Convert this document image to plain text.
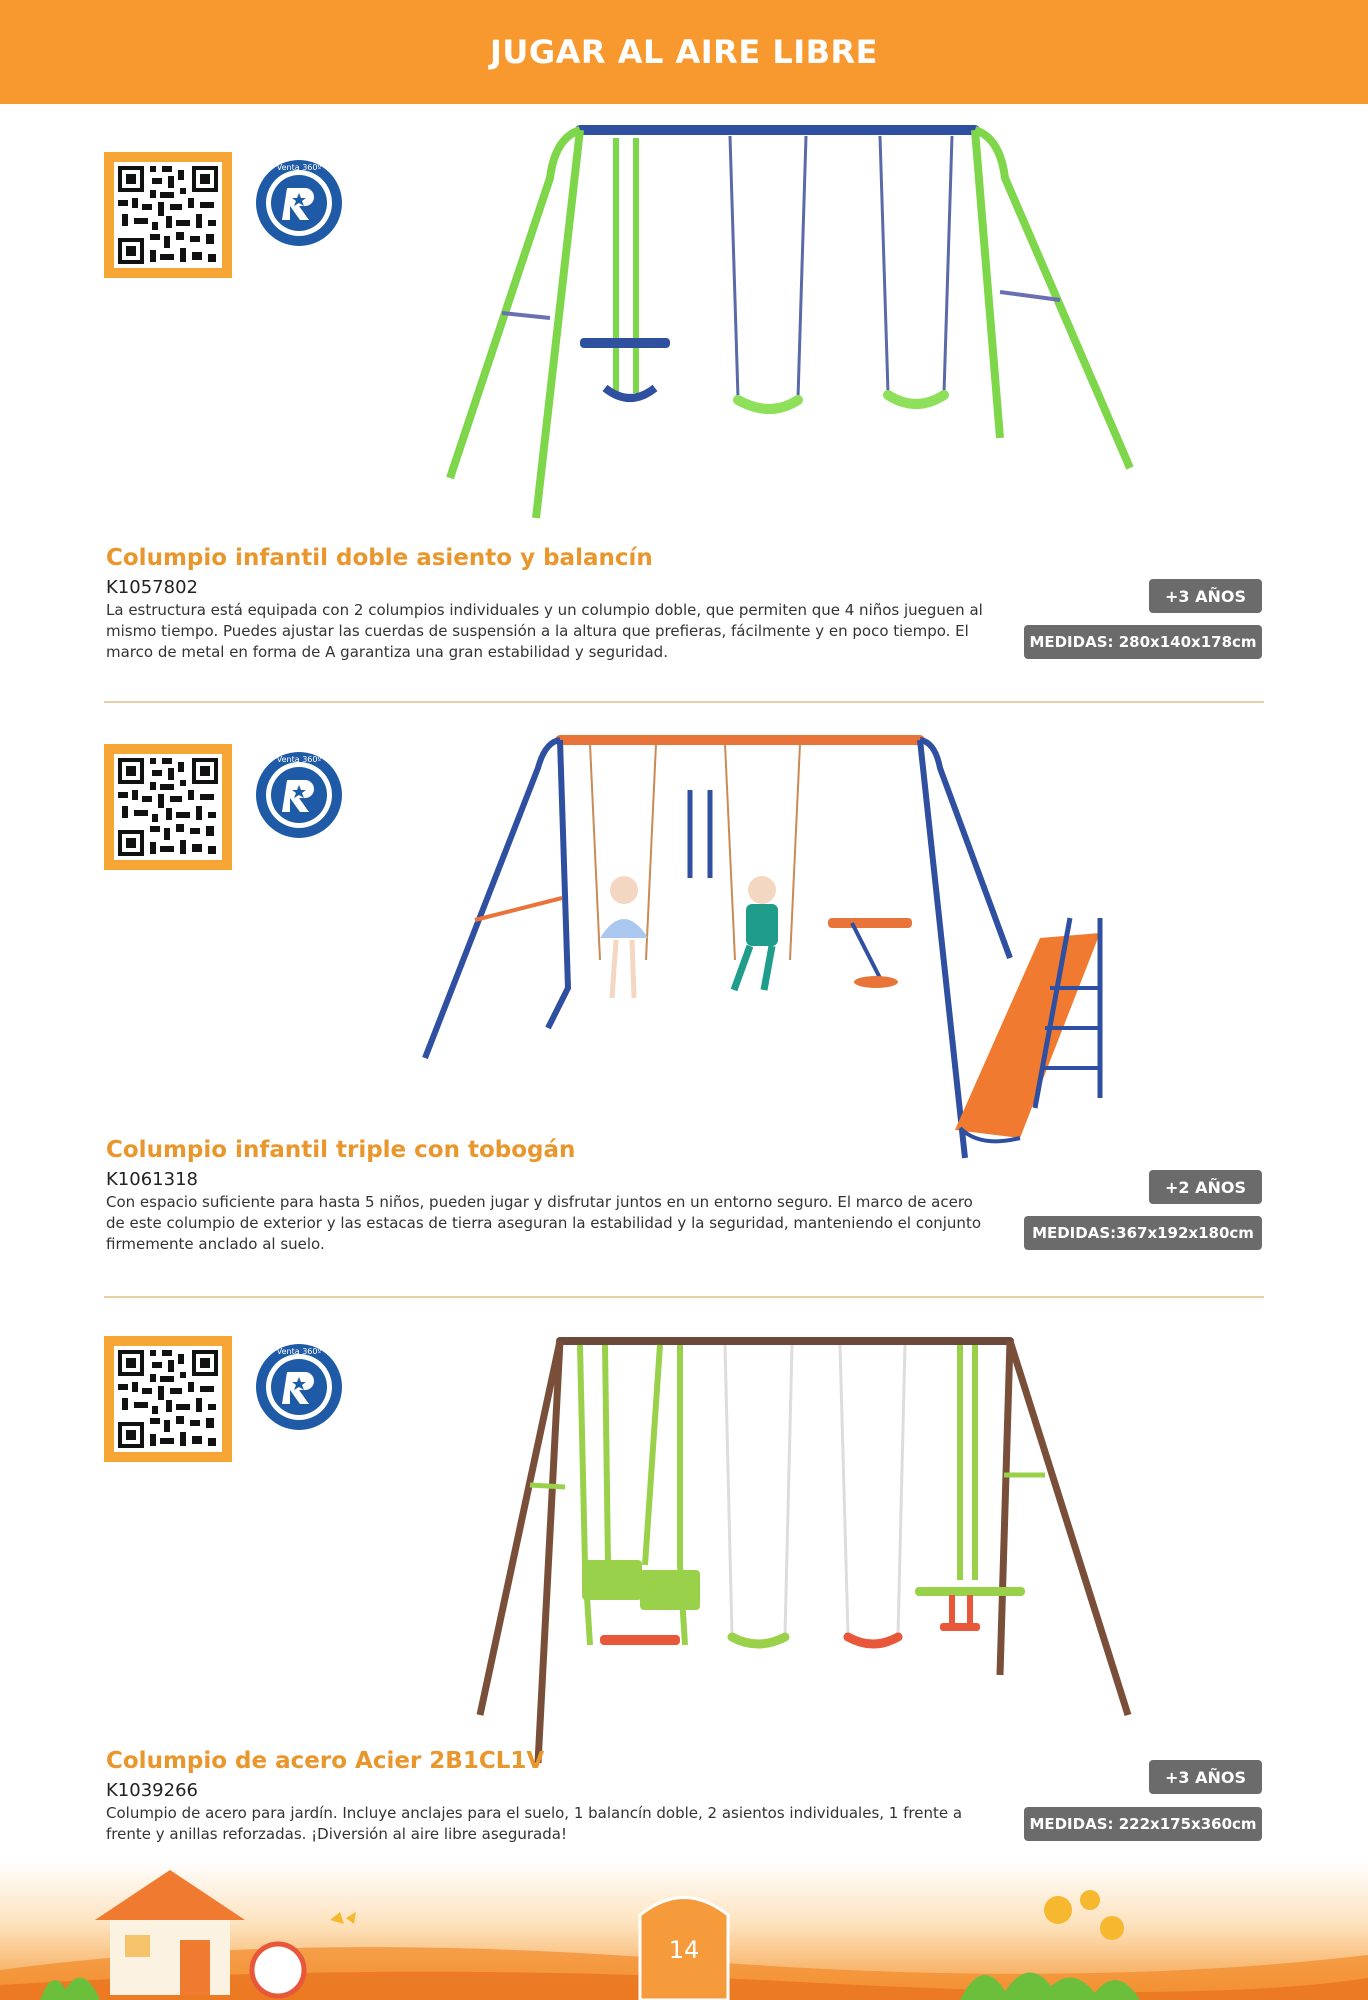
JUGAR AL AIRE LIBRE
Columpio infantil doble asiento y balancín
K1057802
La estructura está equipada con 2 columpios individuales y un columpio doble, que permiten que 4 niños jueguen al mismo tiempo. Puedes ajustar las cuerdas de suspensión a la altura que prefieras, fácilmente y en poco tiempo. El marco de metal en forma de A garantiza una gran estabilidad y seguridad.
+3 AÑOS
MEDIDAS: 280x140x178cm
Columpio infantil triple con tobogán
K1061318
Con espacio suficiente para hasta 5 niños, pueden jugar y disfrutar juntos en un entorno seguro. El marco de acero de este columpio de exterior y las estacas de tierra aseguran la estabilidad y la seguridad, manteniendo el conjunto firmemente anclado al suelo.
+2 AÑOS
MEDIDAS:367x192x180cm
Columpio de acero Acier 2B1CL1V
K1039266
Columpio de acero para jardín. Incluye anclajes para el suelo, 1 balancín doble, 2 asientos individuales, 1 frente a frente y anillas reforzadas. ¡Diversión al aire libre asegurada!
+3 AÑOS
MEDIDAS: 222x175x360cm
14
